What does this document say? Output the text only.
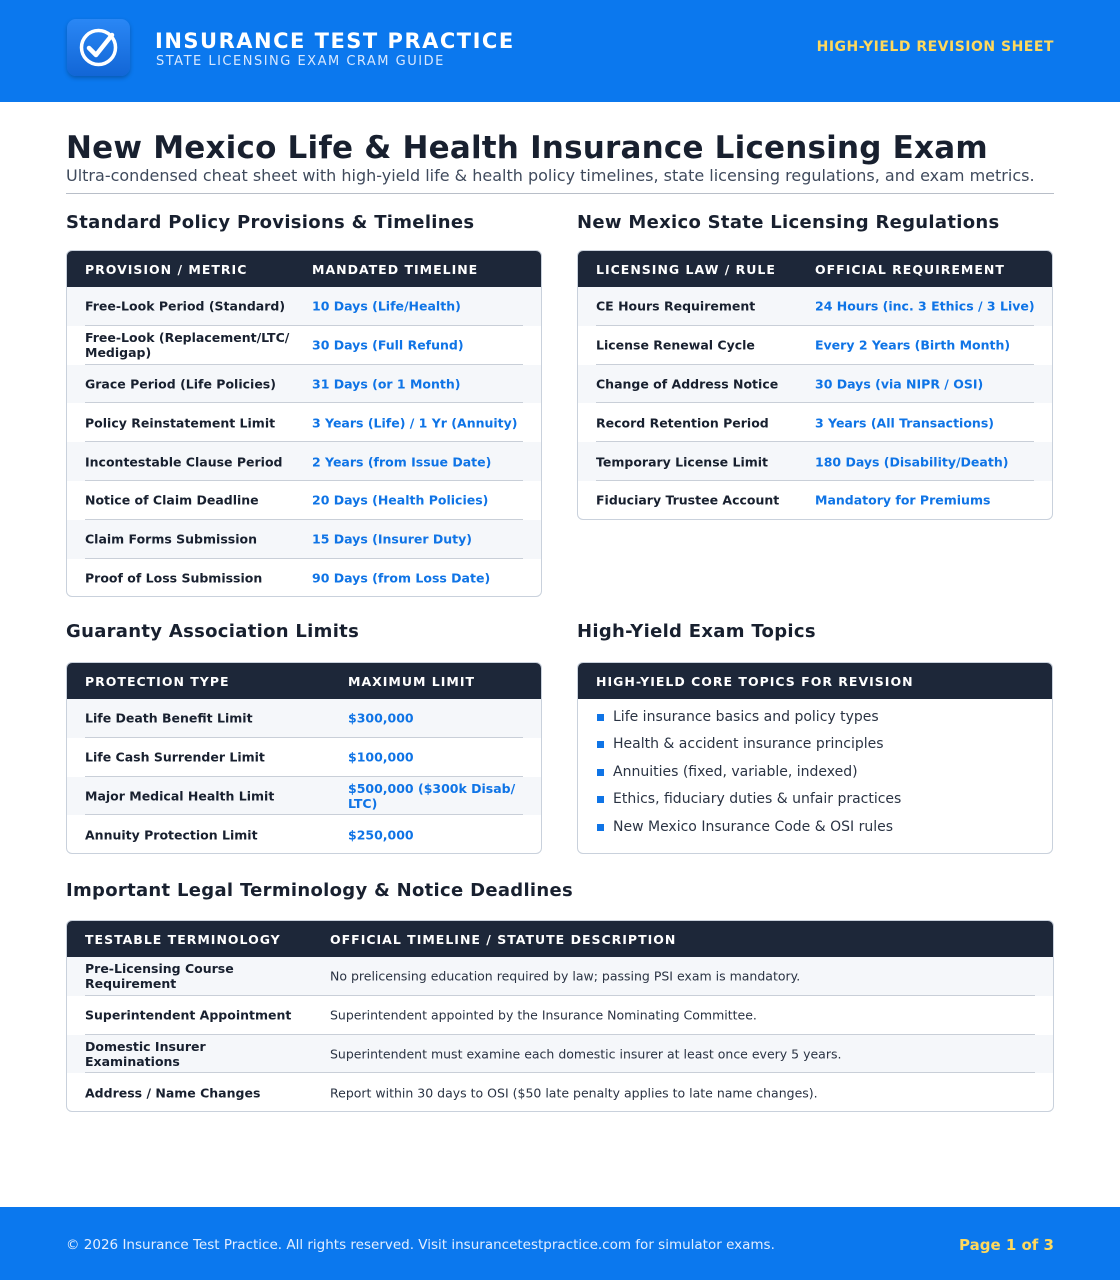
INSURANCE TEST PRACTICE
STATE LICENSING EXAM CRAM GUIDE
HIGH-YIELD REVISION SHEET
New Mexico Life & Health Insurance Licensing Exam
Ultra-condensed cheat sheet with high-yield life & health policy timelines, state licensing regulations, and exam metrics.
Standard Policy Provisions & Timelines
PROVISION / METRIC	MANDATED TIMELINE
Free-Look Period (Standard)	10 Days (Life/Health)
Free-Look (Replacement/LTC/ Medigap)	30 Days (Full Refund)
Grace Period (Life Policies)	31 Days (or 1 Month)
Policy Reinstatement Limit	3 Years (Life) / 1 Yr (Annuity)
Incontestable Clause Period	2 Years (from Issue Date)
Notice of Claim Deadline	20 Days (Health Policies)
Claim Forms Submission	15 Days (Insurer Duty)
Proof of Loss Submission	90 Days (from Loss Date)
New Mexico State Licensing Regulations
LICENSING LAW / RULE	OFFICIAL REQUIREMENT
CE Hours Requirement	24 Hours (inc. 3 Ethics / 3 Live)
License Renewal Cycle	Every 2 Years (Birth Month)
Change of Address Notice	30 Days (via NIPR / OSI)
Record Retention Period	3 Years (All Transactions)
Temporary License Limit	180 Days (Disability/Death)
Fiduciary Trustee Account	Mandatory for Premiums
Guaranty Association Limits
PROTECTION TYPE	MAXIMUM LIMIT
Life Death Benefit Limit	$300,000
Life Cash Surrender Limit	$100,000
Major Medical Health Limit	$500,000 ($300k Disab/ LTC)
Annuity Protection Limit	$250,000
High-Yield Exam Topics
HIGH-YIELD CORE TOPICS FOR REVISION
Life insurance basics and policy types
Health & accident insurance principles
Annuities (fixed, variable, indexed)
Ethics, fiduciary duties & unfair practices
New Mexico Insurance Code & OSI rules
Important Legal Terminology & Notice Deadlines
TESTABLE TERMINOLOGY	OFFICIAL TIMELINE / STATUTE DESCRIPTION
Pre-Licensing Course Requirement	No prelicensing education required by law; passing PSI exam is mandatory.
Superintendent Appointment	Superintendent appointed by the Insurance Nominating Committee.
Domestic Insurer Examinations	Superintendent must examine each domestic insurer at least once every 5 years.
Address / Name Changes	Report within 30 days to OSI ($50 late penalty applies to late name changes).
© 2026 Insurance Test Practice. All rights reserved. Visit insurancetestpractice.com for simulator exams.	Page 1 of 3
